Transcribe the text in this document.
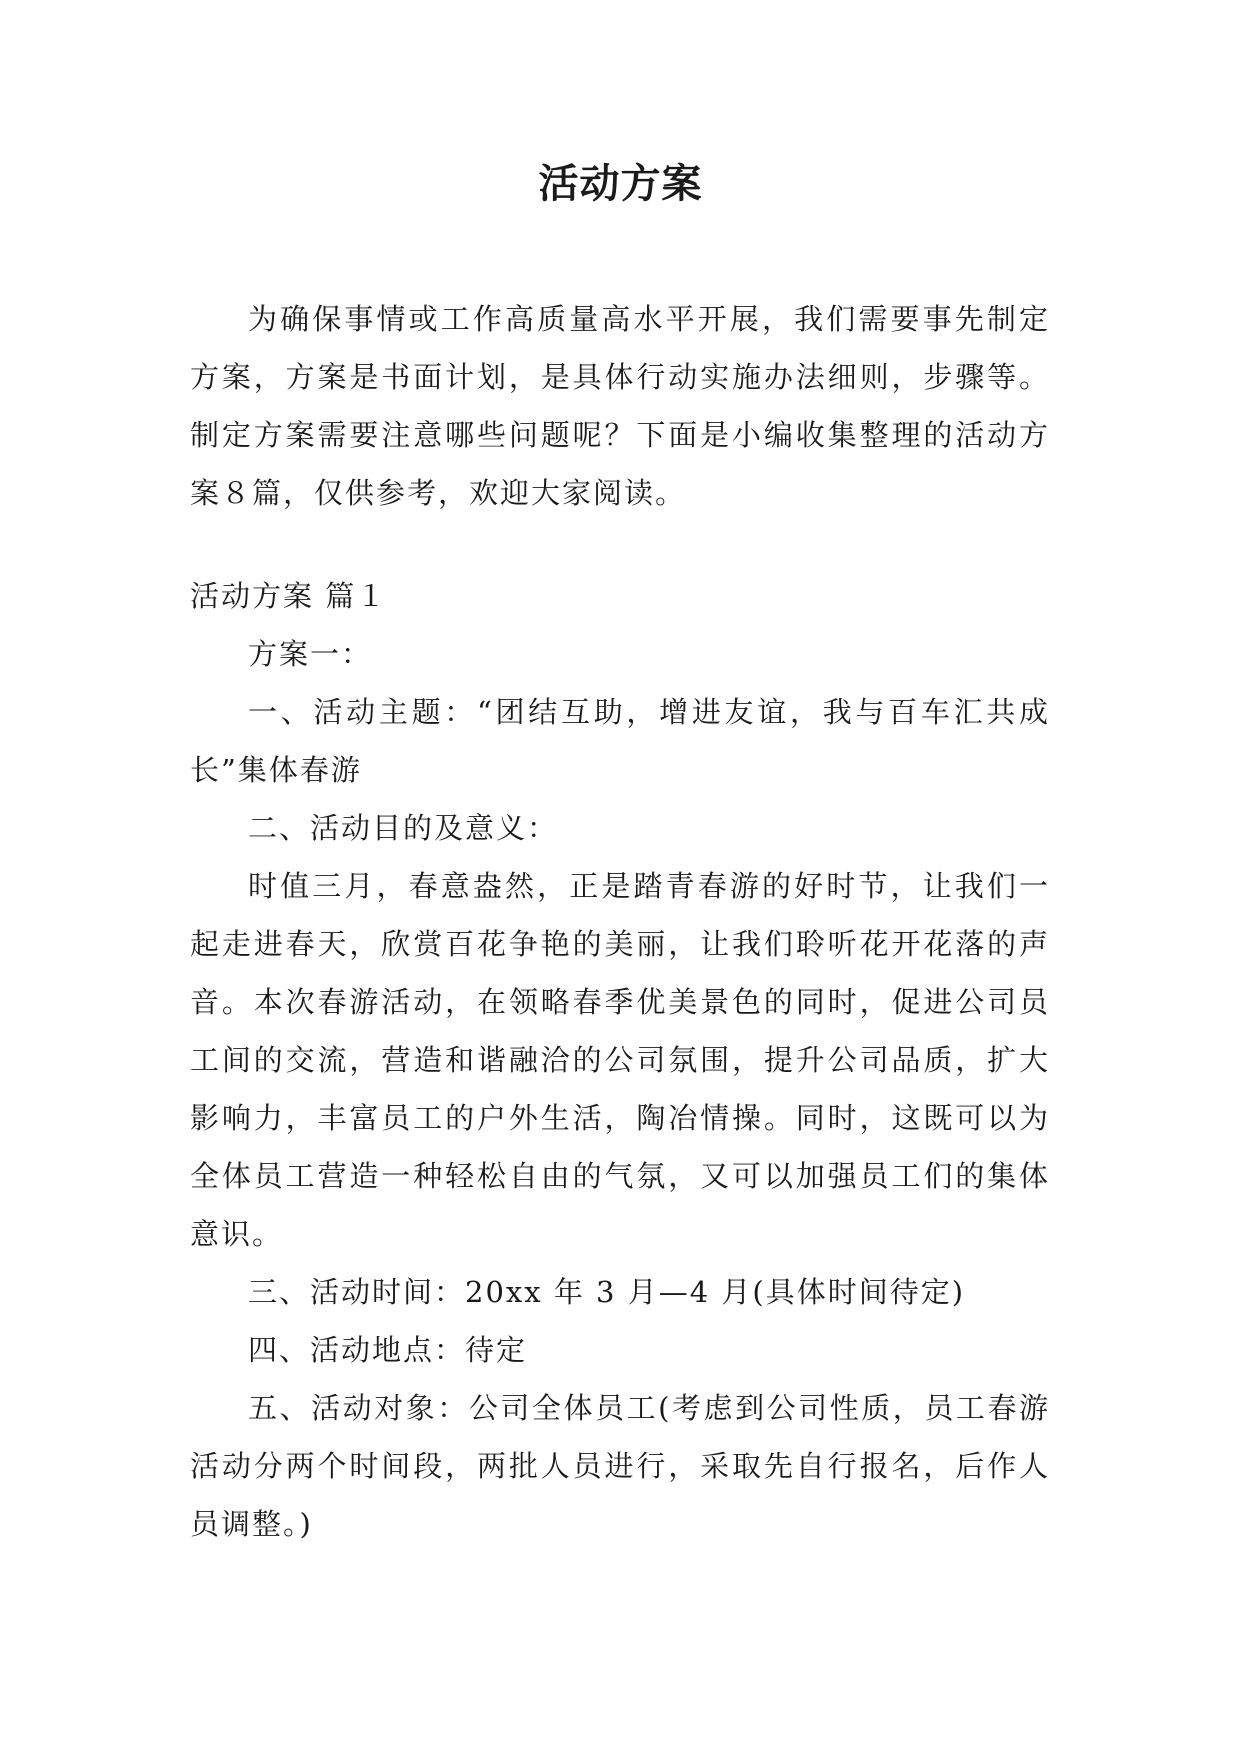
活动方案

为确保事情或工作高质量高水平开展，我们需要事先制定方案，方案是书面计划，是具体行动实施办法细则，步骤等。制定方案需要注意哪些问题呢？下面是小编收集整理的活动方案８篇，仅供参考，欢迎大家阅读。

活动方案 篇１

方案一：

一、活动主题：“团结互助，增进友谊，我与百车汇共成长”集体春游

二、活动目的及意义：

时值三月，春意盎然，正是踏青春游的好时节，让我们一起走进春天，欣赏百花争艳的美丽，让我们聆听花开花落的声音。本次春游活动，在领略春季优美景色的同时，促进公司员工间的交流，营造和谐融洽的公司氛围，提升公司品质，扩大影响力，丰富员工的户外生活，陶冶情操。同时，这既可以为全体员工营造一种轻松自由的气氛，又可以加强员工们的集体意识。

三、活动时间：20xx 年 3 月—4 月(具体时间待定)

四、活动地点：待定

五、活动对象：公司全体员工(考虑到公司性质，员工春游活动分两个时间段，两批人员进行，采取先自行报名，后作人员调整。)
